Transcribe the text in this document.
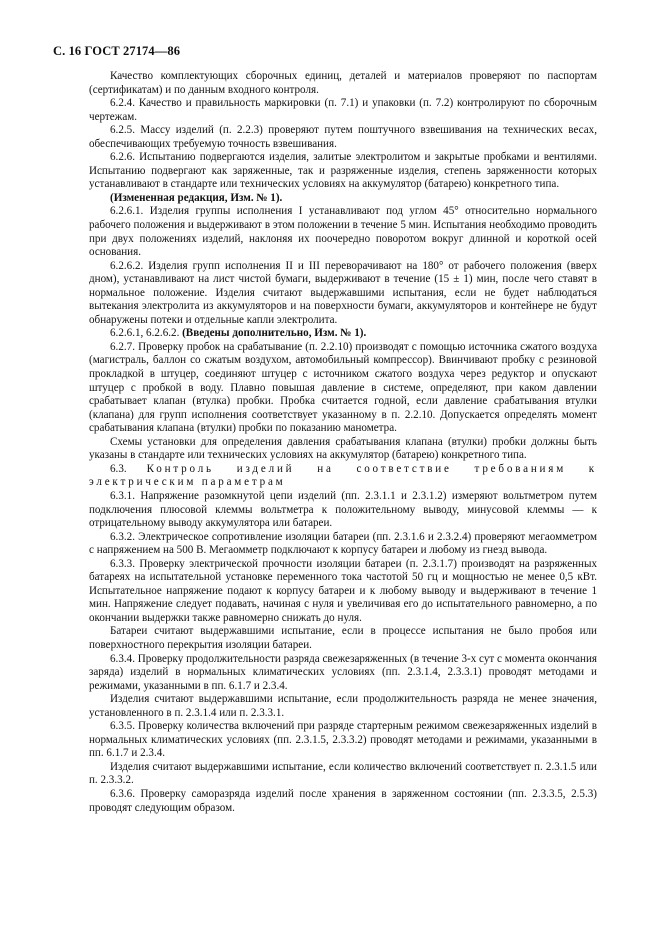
С. 16 ГОСТ 27174—86

Качество комплектующих сборочных единиц, деталей и материалов проверяют по паспортам (сертификатам) и по данным входного контроля.

6.2.4. Качество и правильность маркировки (п. 7.1) и упаковки (п. 7.2) контролируют по сборочным чертежам.

6.2.5. Массу изделий (п. 2.2.3) проверяют путем поштучного взвешивания на технических весах, обеспечивающих требуемую точность взвешивания.

6.2.6. Испытанию подвергаются изделия, залитые электролитом и закрытые пробками и вентилями. Испытанию подвергают как заряженные, так и разряженные изделия, степень заряженности которых устанавливают в стандарте или технических условиях на аккумулятор (батарею) конкретного типа.

(Измененная редакция, Изм. № 1).

6.2.6.1. Изделия группы исполнения I устанавливают под углом 45° относительно нормального рабочего положения и выдерживают в этом положении в течение 5 мин. Испытания необходимо проводить при двух положениях изделий, наклоняя их поочередно поворотом вокруг длинной и короткой осей основания.

6.2.6.2. Изделия групп исполнения II и III переворачивают на 180° от рабочего положения (вверх дном), устанавливают на лист чистой бумаги, выдерживают в течение (15 ± 1) мин, после чего ставят в нормальное положение. Изделия считают выдержавшими испытания, если не будет наблюдаться вытекания электролита из аккумуляторов и на поверхности бумаги, аккумуляторов и контейнере не будут обнаружены потеки и отдельные капли электролита.

6.2.6.1, 6.2.6.2. (Введены дополнительно, Изм. № 1).

6.2.7. Проверку пробок на срабатывание (п. 2.2.10) производят с помощью источника сжатого воздуха (магистраль, баллон со сжатым воздухом, автомобильный компрессор). Ввинчивают пробку с резиновой прокладкой в штуцер, соединяют штуцер с источником сжатого воздуха через редуктор и опускают штуцер с пробкой в воду. Плавно повышая давление в системе, определяют, при каком давлении срабатывает клапан (втулка) пробки. Пробка считается годной, если давление срабатывания втулки (клапана) для групп исполнения соответствует указанному в п. 2.2.10. Допускается определять момент срабатывания клапана (втулки) пробки по показанию манометра.

Схемы установки для определения давления срабатывания клапана (втулки) пробки должны быть указаны в стандарте или технических условиях на аккумулятор (батарею) конкретного типа.

6.3. Контроль изделий на соответствие требованиям к электрическим параметрам

6.3.1. Напряжение разомкнутой цепи изделий (пп. 2.3.1.1 и 2.3.1.2) измеряют вольтметром путем подключения плюсовой клеммы вольтметра к положительному выводу, минусовой клеммы — к отрицательному выводу аккумулятора или батареи.

6.3.2. Электрическое сопротивление изоляции батареи (пп. 2.3.1.6 и 2.3.2.4) проверяют мегаомметром с напряжением на 500 В. Мегаомметр подключают к корпусу батареи и любому из гнезд вывода.

6.3.3. Проверку электрической прочности изоляции батареи (п. 2.3.1.7) производят на разряженных батареях на испытательной установке переменного тока частотой 50 гц и мощностью не менее 0,5 кВт. Испытательное напряжение подают к корпусу батареи и к любому выводу и выдерживают в течение 1 мин. Напряжение следует подавать, начиная с нуля и увеличивая его до испытательного равномерно, а по окончании выдержки также равномерно снижать до нуля.

Батареи считают выдержавшими испытание, если в процессе испытания не было пробоя или поверхностного перекрытия изоляции батареи.

6.3.4. Проверку продолжительности разряда свежезаряженных (в течение 3-х сут с момента окончания заряда) изделий в нормальных климатических условиях (пп. 2.3.1.4, 2.3.3.1) проводят методами и режимами, указанными в пп. 6.1.7 и 2.3.4.

Изделия считают выдержавшими испытание, если продолжительность разряда не менее значения, установленного в п. 2.3.1.4 или п. 2.3.3.1.

6.3.5. Проверку количества включений при разряде стартерным режимом свежезаряженных изделий в нормальных климатических условиях (пп. 2.3.1.5, 2.3.3.2) проводят методами и режимами, указанными в пп. 6.1.7 и 2.3.4.

Изделия считают выдержавшими испытание, если количество включений соответствует п. 2.3.1.5 или п. 2.3.3.2.

6.3.6. Проверку саморазряда изделий после хранения в заряженном состоянии (пп. 2.3.3.5, 2.5.3) проводят следующим образом.
